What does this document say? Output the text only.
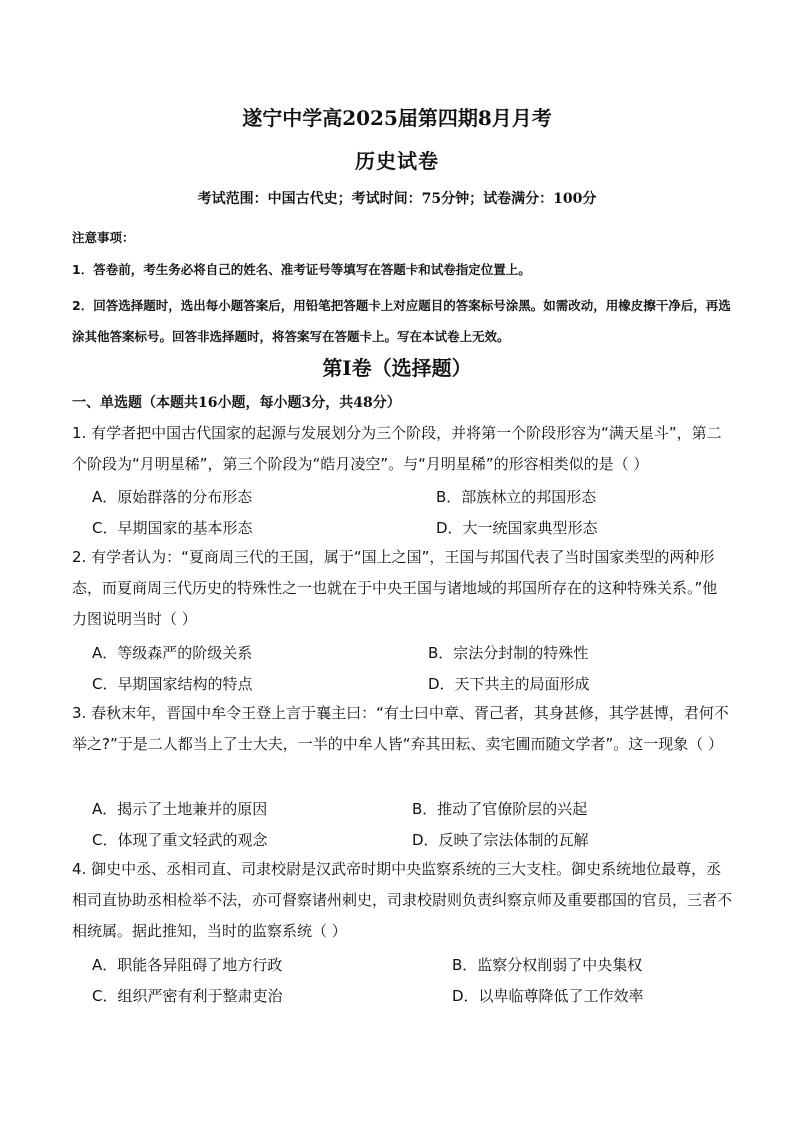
遂宁中学高2025届第四期8月月考
历史试卷
考试范围：中国古代史；考试时间：75分钟；试卷满分：100分
注意事项：
1．答卷前，考生务必将自己的姓名、准考证号等填写在答题卡和试卷指定位置上。
2．回答选择题时，选出每小题答案后，用铅笔把答题卡上对应题目的答案标号涂黑。如需改动，用橡皮擦干净后，再选涂其他答案标号。回答非选择题时，将答案写在答题卡上。写在本试卷上无效。
第I卷（选择题）
一、单选题（本题共16小题，每小题3分，共48分）
1. 有学者把中国古代国家的起源与发展划分为三个阶段，并将第一个阶段形容为“满天星斗”，第二个阶段为“月明星稀”，第三个阶段为“皓月凌空”。与“月明星稀”的形容相类似的是（ ）
A．原始群落的分布形态	B．部族林立的邦国形态
C．早期国家的基本形态	D．大一统国家典型形态
2. 有学者认为：“夏商周三代的王国，属于“国上之国”，王国与邦国代表了当时国家类型的两种形态，而夏商周三代历史的特殊性之一也就在于中央王国与诸地域的邦国所存在的这种特殊关系。”他力图说明当时（ ）
A．等级森严的阶级关系	B．宗法分封制的特殊性
C．早期国家结构的特点	D．天下共主的局面形成
3. 春秋末年，晋国中牟令王登上言于襄主曰：“有士曰中章、胥己者，其身甚修，其学甚博，君何不举之?”于是二人都当上了士大夫，一半的中牟人皆“弃其田耘、卖宅圃而随文学者”。这一现象（ ）
A．揭示了土地兼并的原因	B．推动了官僚阶层的兴起
C．体现了重文轻武的观念	D．反映了宗法体制的瓦解
4. 御史中丞、丞相司直、司隶校尉是汉武帝时期中央监察系统的三大支柱。御史系统地位最尊，丞相司直协助丞相检举不法，亦可督察诸州刺史，司隶校尉则负责纠察京师及重要郡国的官员，三者不相统属。据此推知，当时的监察系统（ ）
A．职能各异阻碍了地方行政	B．监察分权削弱了中央集权
C．组织严密有利于整肃吏治	D．以卑临尊降低了工作效率
